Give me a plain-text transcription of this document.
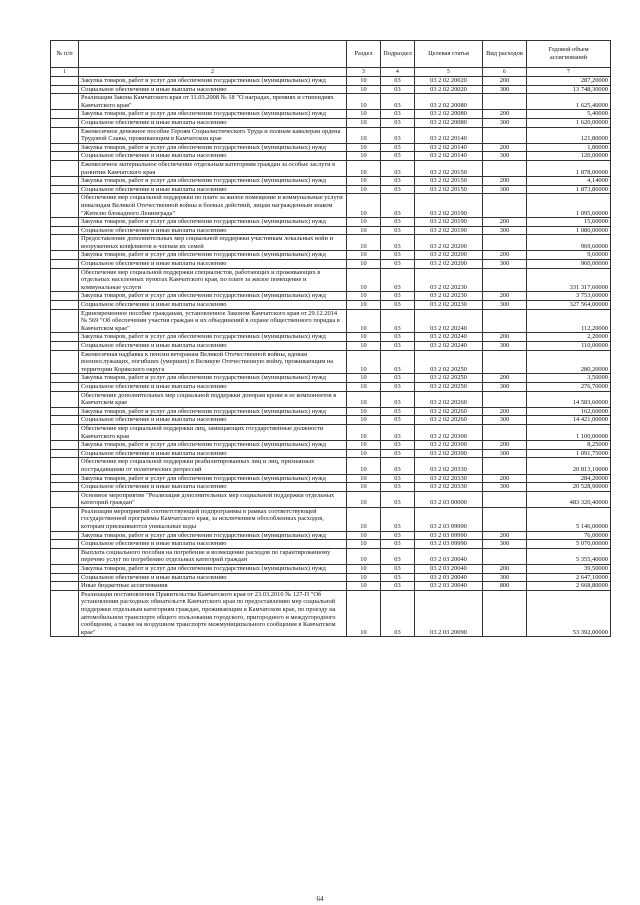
№ п/п		Раздел	Подраздел	Целевая статья	Вид расходов	Годовой объем ассигнований
1	2	3	4	5	6	7
	Закупка товаров, работ и услуг для обеспечения государственных (муниципальных) нужд	10	03	03 2 02 20020	200	287,20000
	Социальное обеспечение и иные выплаты населению	10	03	03 2 02 20020	300	13 748,30000
	Реализация Закона Камчатского края от 11.03.2008 № 18 "О наградах, премиях и стипендиях Камчатского края"	10	03	03 2 02 20080		1 625,40000
	Закупка товаров, работ и услуг для обеспечения государственных (муниципальных) нужд	10	03	03 2 02 20080	200	5,40000
	Социальное обеспечение и иные выплаты населению	10	03	03 2 02 20080	300	1 620,00000
	Ежемесячное денежное пособие Героям Социалистического Труда и полным кавалерам ордена Трудовой Славы, проживающим в Камчатском крае	10	03	03 2 02 20140		121,80000
	Закупка товаров, работ и услуг для обеспечения государственных (муниципальных) нужд	10	03	03 2 02 20140	200	1,80000
	Социальное обеспечение и иные выплаты населению	10	03	03 2 02 20140	300	120,00000
	Ежемесячное материальное обеспечение отдельным категориям граждан за особые заслуги в развитии Камчатского края	10	03	03 2 02 20150		1 878,00000
	Закупка товаров, работ и услуг для обеспечения государственных (муниципальных) нужд	10	03	03 2 02 20150	200	4,14000
	Социальное обеспечение и иные выплаты населению	10	03	03 2 02 20150	300	1 873,86000
	Обеспечение мер социальной поддержки по плате за жилое помещение и коммунальные услуги инвалидам Великой Отечественной войны и боевых действий, лицам награжденным знаком "Жителю блокадного Ленинграда"	10	03	03 2 02 20190		1 095,60000
	Закупка товаров, работ и услуг для обеспечения государственных (муниципальных) нужд	10	03	03 2 02 20190	200	15,60000
	Социальное обеспечение и иные выплаты населению	10	03	03 2 02 20190	300	1 080,00000
	Предоставление дополнительных мер социальной поддержки участникам локальных войн и вооруженных конфликтов и членам их семей	10	03	03 2 02 20200		969,60000
	Закупка товаров, работ и услуг для обеспечения государственных (муниципальных) нужд	10	03	03 2 02 20200	200	9,60000
	Социальное обеспечение и иные выплаты населению	10	03	03 2 02 20200	300	960,00000
	Обеспечение мер социальной поддержки специалистов, работающих и проживающих в отдельных населенных пунктах Камчатского края, по плате за жилое помещение и коммунальные услуги	10	03	03 2 02 20230		331 317,60000
	Закупка товаров, работ и услуг для обеспечения государственных (муниципальных) нужд	10	03	03 2 02 20230	200	3 753,60000
	Социальное обеспечение и иные выплаты населению	10	03	03 2 02 20230	300	327 564,00000
	Единовременное пособие гражданам, установленное Законом Камчатского края от 29.12.2014 № 569 "Об обеспечении участия граждан и их объединений в охране общественного порядка в Камчатском крае"	10	03	03 2 02 20240		112,20000
	Закупка товаров, работ и услуг для обеспечения государственных (муниципальных) нужд	10	03	03 2 02 20240	200	2,20000
	Социальное обеспечение и иные выплаты населению	10	03	03 2 02 20240	300	110,00000
	Ежемесячная надбавка к пенсии ветеранам Великой Отечественной войны, вдовам военнослужащих, погибших (умерших) в Великую Отечественную войну, проживающим на территории Корякского округа	10	03	03 2 02 20250		280,20000
	Закупка товаров, работ и услуг для обеспечения государственных (муниципальных) нужд	10	03	03 2 02 20250	200	3,50000
	Социальное обеспечение и иные выплаты населению	10	03	03 2 02 20250	300	276,70000
	Обеспечение дополнительных мер социальной поддержки донорам крови и ее компонентов в Камчатском крае	10	03	03 2 02 20260		14 583,60000
	Закупка товаров, работ и услуг для обеспечения государственных (муниципальных) нужд	10	03	03 2 02 20260	200	162,60000
	Социальное обеспечение и иные выплаты населению	10	03	03 2 02 20260	300	14 421,00000
	Обеспечение мер социальной поддержки лиц, замещающих государственные должности Камчатского края	10	03	03 2 02 20300		1 100,00000
	Закупка товаров, работ и услуг для обеспечения государственных (муниципальных) нужд	10	03	03 2 02 20300	200	8,25000
	Социальное обеспечение и иные выплаты населению	10	03	03 2 02 20300	300	1 091,75000
	Обеспечение мер социальной поддержки реабилитированных лиц и лиц, признанных пострадавшими от политических репрессий	10	03	03 2 02 20330		20 813,10000
	Закупка товаров, работ и услуг для обеспечения государственных (муниципальных) нужд	10	03	03 2 02 20330	200	284,20000
	Социальное обеспечение и иные выплаты населению	10	03	03 2 02 20330	300	20 528,90000
	Основное мероприятие "Реализация дополнительных мер социальной поддержки отдельных категорий граждан"	10	03	03 2 03 00000		483 320,40000
	Реализация мероприятий соответствующей подпрограммы в рамках соответствующей государственной программы Камчатского края, за исключением обособленных расходов, которым присваиваются уникальные коды	10	03	03 2 03 09990		5 146,00000
	Закупка товаров, работ и услуг для обеспечения государственных (муниципальных) нужд	10	03	03 2 03 09990	200	76,00000
	Социальное обеспечение и иные выплаты населению	10	03	03 2 03 09990	300	5 070,00000
	Выплата социального пособия на погребение и возмещение расходов по гарантированному перечню услуг по погребению отдельных категорий граждан	10	03	03 2 03 20040		5 355,40000
	Закупка товаров, работ и услуг для обеспечения государственных (муниципальных) нужд	10	03	03 2 03 20040	200	39,50000
	Социальное обеспечение и иные выплаты населению	10	03	03 2 03 20040	300	2 647,10000
	Иные бюджетные ассигнования	10	03	03 2 03 20040	800	2 668,80000
	Реализация постановления Правительства Камчатского края от 23.03.2010 № 127-П "Об установлении расходных обязательств Камчатского края по предоставлению мер социальной поддержки отдельным категориям граждан, проживающим в Камчатском крае, по проезду на автомобильном транспорте общего пользования городского, пригородного и междугородного сообщения, а также на воздушном транспорте межмуниципального сообщения в Камчатском крае"	10	03	03 2 03 20090		53 392,00000
64
